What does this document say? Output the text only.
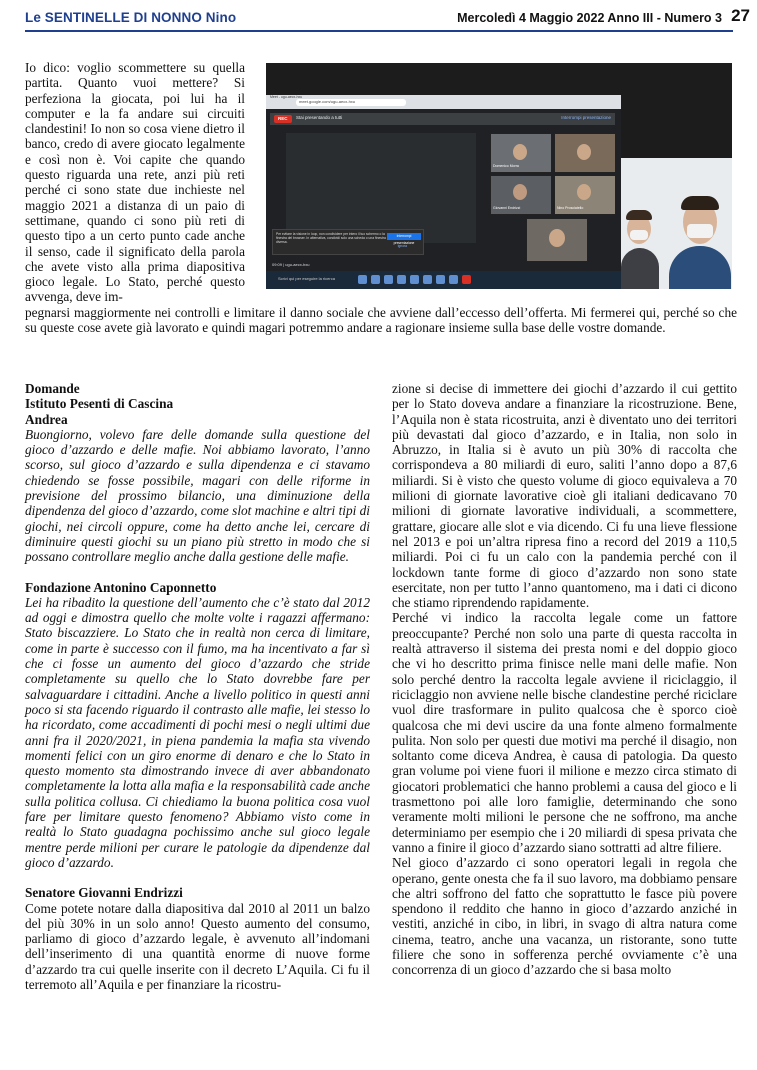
Le SENTINELLE DI NONNO Nino	Mercoledì 4 Maggio 2022 Anno III - Numero 3 27

Io dico: voglio scommettere su quella partita. Quanto vuoi mettere? Si perfeziona la giocata, poi lui ha il computer e la fa andare sui circuiti clandestini! Io non so cosa viene dietro il banco, credo di avere giocato legalmente e così non è. Voi capite che quando questo riguarda una rete, anzi più reti perché ci sono state due inchieste nel maggio 2021 a distanza di un paio di settimane, quando ci sono più reti di questo tipo a un certo punto cade anche il senso, cade il significato della parola che avete visto alla prima diapositiva gioco legale. Lo Stato, perché questo avvenga, deve im-

Meet - ugu-aecx-hxu
meet.google.com/ugu-aecx-hxu
Stai presentando a tutti	Interrompi presentazione
REC
Per evitare la visione in loop, non condividere per intero il tuo schermo o la finestra del browser. In alternativa, condividi solo una scheda o una finestra diversa.
Interrompi presentazione
Ignora
09:09 | ugu-aecx-hxu
Domenico Morra
Giovanni Endrizzi	Nino Prosciatello
Scrivi qui per eseguire la ricerca

pegnarsi maggiormente nei controlli e limitare il danno sociale che avviene dall’eccesso dell’offerta. Mi fermerei qui, perché so che su queste cose avete già lavorato e quindi magari potremmo andare a ragionare insieme sulla base delle vostre domande.

Domande

Istituto Pesenti di Cascina

Andrea

Buongiorno, volevo fare delle domande sulla questione del gioco d’azzardo e delle mafie. Noi abbiamo lavorato, l’anno scorso, sul gioco d’azzardo e sulla dipendenza e ci stavamo chiedendo se fosse possibile, magari con delle riforme in previsione del prossimo bilancio, una diminuzione della dipendenza del gioco d’azzardo, come slot machine e altri tipi di giochi, nei circoli oppure, come ha detto anche lei, cercare di diminuire questi giochi su un piano più stretto in modo che si possano controllare meglio anche dalla gestione delle mafie.

Fondazione Antonino Caponnetto

Lei ha ribadito la questione dell’aumento che c’è stato dal 2012 ad oggi e dimostra quello che molte volte i ragazzi affermano: Stato biscazziere. Lo Stato che in realtà non cerca di limitare, come in parte è successo con il fumo, ma ha incentivato a far sì che ci fosse un aumento del gioco d’azzardo che stride completamente su quello che lo Stato dovrebbe fare per salvaguardare i cittadini. Anche a livello politico in questi anni poco si sta facendo riguardo il contrasto alle mafie, lei stesso lo ha ricordato, come accadimenti di pochi mesi o negli ultimi due anni fra il 2020/2021, in piena pandemia la mafia sta vivendo momenti felici con un giro enorme di denaro e che lo Stato in questo momento sta dimostrando invece di aver abbandonato completamente la lotta alla mafia e la responsabilità cade anche sulla politica collusa. Ci chiediamo la buona politica cosa vuol fare per limitare questo fenomeno? Abbiamo visto come in realtà lo Stato guadagna pochissimo anche sul gioco legale mentre perde milioni per curare le patologie da dipendenze dal gioco d’azzardo.

Senatore Giovanni Endrizzi

Come potete notare dalla diapositiva dal 2010 al 2011 un balzo del più 30% in un solo anno! Questo aumento del consumo, parliamo di gioco d’azzardo legale, è avvenuto all’indomani dell’inserimento di una quantità enorme di nuove forme d’azzardo tra cui quelle inserite con il decreto L’Aquila. Ci fu il terremoto all’Aquila e per finanziare la ricostru-

zione si decise di immettere dei giochi d’azzardo il cui gettito per lo Stato doveva andare a finanziare la ricostruzione. Bene, l’Aquila non è stata ricostruita, anzi è diventato uno dei territori più devastati dal gioco d’azzardo, e in Italia, non solo in Abruzzo, in Italia si è avuto un più 30% di raccolta che corrispondeva a 80 miliardi di euro, saliti l’anno dopo a 87,6 miliardi. Si è visto che questo volume di gioco equivaleva a 70 milioni di giornate lavorative cioè gli italiani dedicavano 70 milioni di giornate lavorative individuali, a scommettere, grattare, giocare alle slot e via dicendo. Ci fu una lieve flessione nel 2013 e poi un’altra ripresa fino a record del 2019 a 110,5 miliardi. Poi ci fu un calo con la pandemia perché con il lockdown tante forme di gioco d’azzardo non sono state esercitate, non per tutto l’anno quantomeno, ma i dati ci dicono che stiamo riprendendo rapidamente.

Perché vi indico la raccolta legale come un fattore preoccupante? Perché non solo una parte di questa raccolta in realtà attraverso il sistema dei presta nomi e del doppio gioco che vi ho descritto prima finisce nelle mani delle mafie. Non solo perché dentro la raccolta legale avviene il riciclaggio, il riciclaggio non avviene nelle bische clandestine perché riciclare vuol dire trasformare in pulito qualcosa che è sporco cioè qualcosa che mi devi uscire da una fonte almeno formalmente pulita. Non solo per questi due motivi ma perché il disagio, non soltanto come diceva Andrea, è causa di patologia. Da questo gran volume poi viene fuori il milione e mezzo circa stimato di giocatori problematici che hanno problemi a causa del gioco e li trasmettono poi alle loro famiglie, determinando che sono veramente molti milioni le persone che ne soffrono, ma anche determiniamo per esempio che i 20 miliardi di spesa privata che vanno a finire il gioco d’azzardo siano sottratti ad altre filiere.

Nel gioco d’azzardo ci sono operatori legali in regola che operano, gente onesta che fa il suo lavoro, ma dobbiamo pensare che altri soffrono del fatto che soprattutto le fasce più povere spendono il reddito che hanno in gioco d’azzardo anziché in vestiti, anziché in cibo, in libri, in svago di altra natura come cinema, teatro, anche una vacanza, un ristorante, sono tutte filiere che sono in sofferenza perché ovviamente c’è una concorrenza di un gioco d’azzardo che si basa molto
